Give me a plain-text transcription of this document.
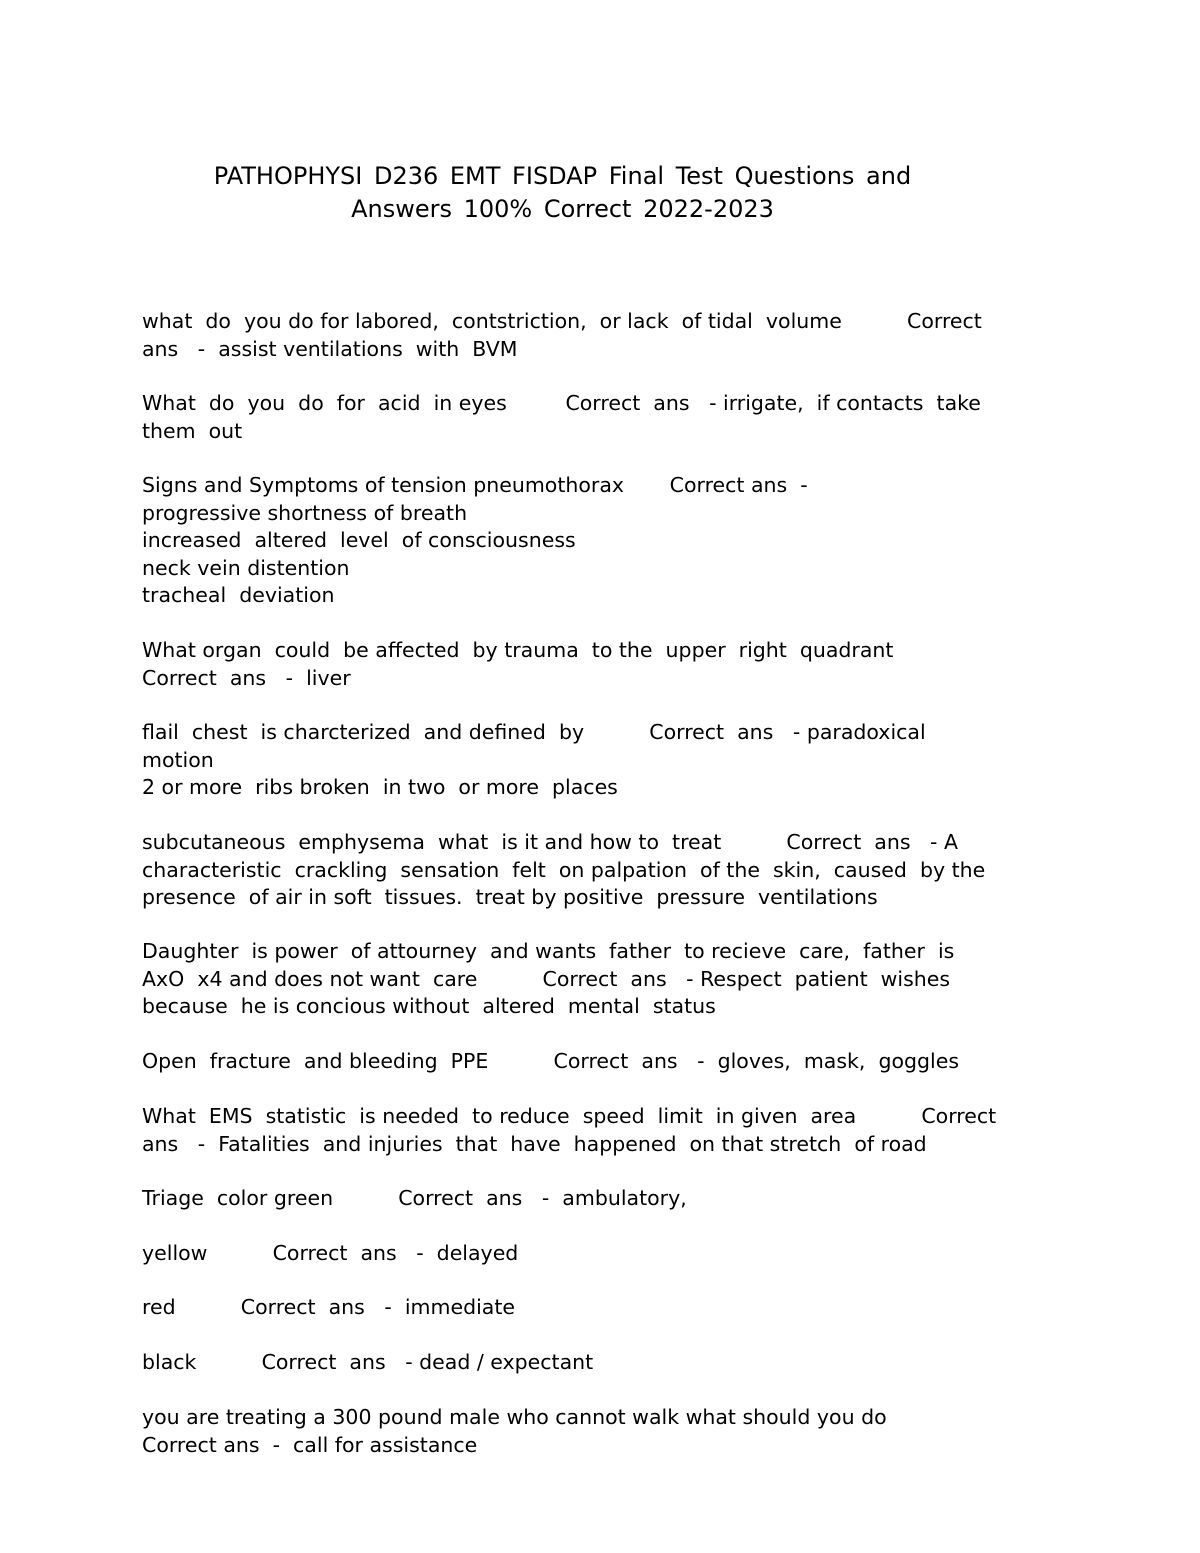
PATHOPHYSI D236 EMT FISDAP Final Test Questions and
Answers 100% Correct 2022-2023
what  do  you do for labored,  contstriction,  or lack  of tidal  volume          Correct
ans   -  assist ventilations  with  BVM
What  do  you  do  for  acid  in eyes         Correct  ans   - irrigate,  if contacts  take
them  out
Signs and Symptoms of tension pneumothorax       Correct ans  -
progressive shortness of breath
increased  altered  level  of consciousness
neck vein distention
tracheal  deviation
What organ  could  be affected  by trauma  to the  upper  right  quadrant
Correct  ans   -  liver
flail  chest  is charcterized  and defined  by          Correct  ans   - paradoxical
motion
2 or more  ribs broken  in two  or more  places
subcutaneous  emphysema  what  is it and how to  treat          Correct  ans   - A
characteristic  crackling  sensation  felt  on palpation  of the  skin,  caused  by the
presence  of air in soft  tissues.  treat by positive  pressure  ventilations
Daughter  is power  of attourney  and wants  father  to recieve  care,  father  is
AxO  x4 and does not want  care          Correct  ans   - Respect  patient  wishes
because  he is concious without  altered  mental  status
Open  fracture  and bleeding  PPE          Correct  ans   -  gloves,  mask,  goggles
What  EMS  statistic  is needed  to reduce  speed  limit  in given  area          Correct
ans   -  Fatalities  and injuries  that  have  happened  on that stretch  of road
Triage  color green          Correct  ans   -  ambulatory,
yellow          Correct  ans   -  delayed
red          Correct  ans   -  immediate
black          Correct  ans   - dead / expectant
you are treating a 300 pound male who cannot walk what should you do
Correct ans  -  call for assistance
